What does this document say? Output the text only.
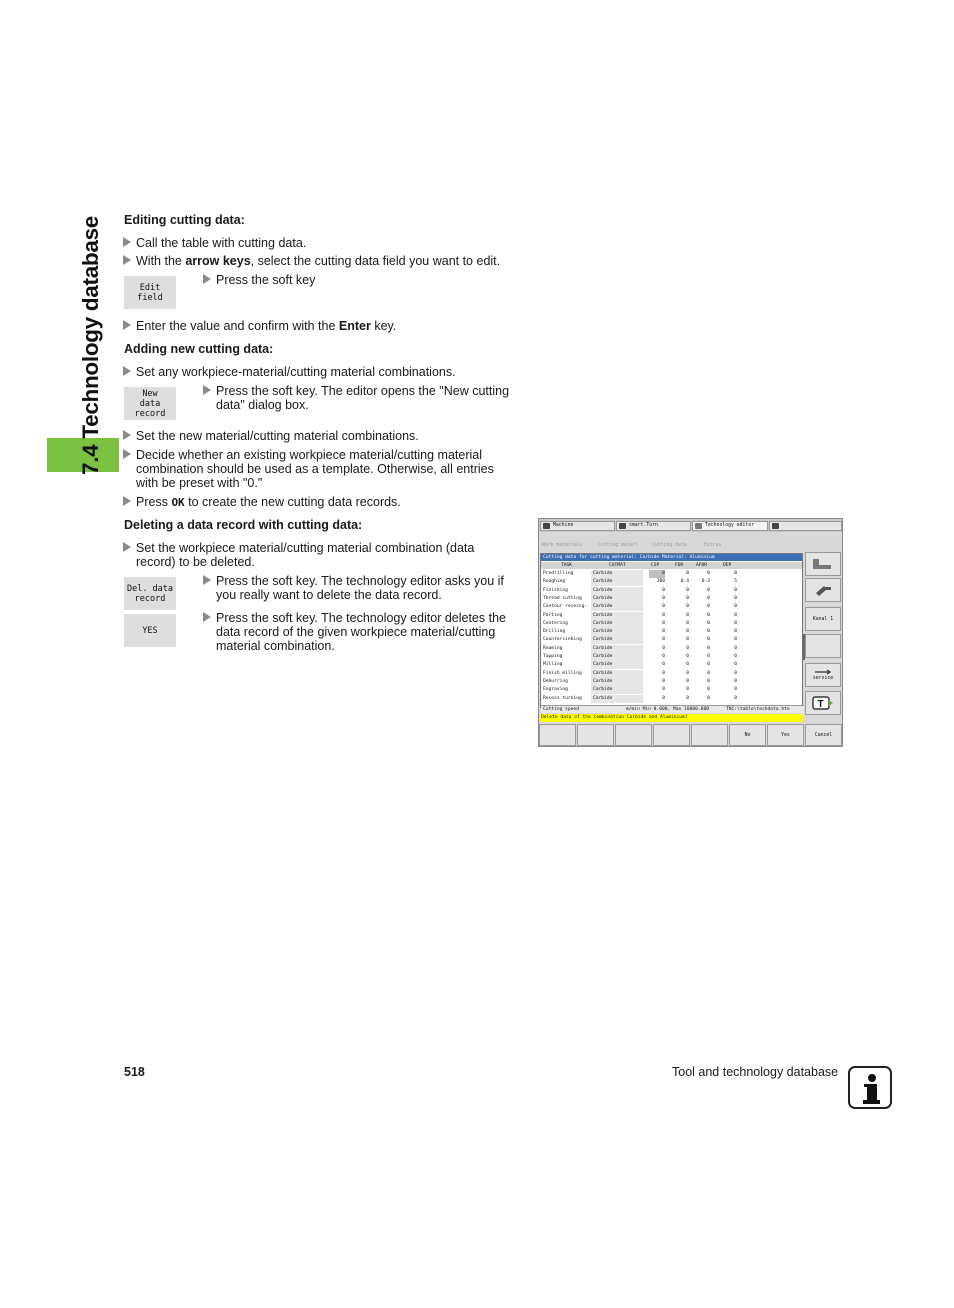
7.4 Technology database Editing cutting data:
Call the table with cutting data.
With the arrow keys, select the cutting data field you want to edit.
Edit
field
Press the soft key
Enter the value and confirm with the Enter key.
Adding new cutting data:
Set any workpiece-material/cutting material combinations.
New
data record
Press the soft key. The editor opens the "New cutting
data" dialog box.
Set the new material/cutting material combinations.
Decide whether an existing workpiece material/cutting material
combination should be used as a template. Otherwise, all entries
with be preset with "0."
Press OK to create the new cutting data records.
Deleting a data record with cutting data:
Set the workpiece material/cutting material combination (data
record) to be deleted.
Del. data
record
Press the soft key. The technology editor asks you if
you really want to delete the data record.
YES
Press the soft key. The technology editor deletes the
data record of the given workpiece material/cutting
material combination.
Machine	smart.Turn	Technology editor
Work materials	Cutting materl	Cutting data	Extras
Cutting data for cutting material: Carbide Material: Aluminium
TASK	CUTMAT	CSP	FDR	AFDR	DEP
Predrilling	Carbide	0	0	0	0
Roughing	Carbide	300	0.4	0.3	5
Finishing	Carbide	0	0	0	0
Thread cutting Carbide	0	0	0	0
Contour recessg. Carbide	0	0	0	0
Parting	Carbide	0	0	0	0
Centering	Carbide	0	0	0	0
Drilling	Carbide	0	0	0	0
Countersinking Carbide	0	0	0	0
Reaming	Carbide	0	0	0	0
Tapping	Carbide	0	0	0	0
Milling	Carbide	0	0	0	0
Finish milling Carbide	0	0	0	0
Deburring	Carbide	0	0	0	0
Engraving	Carbide	0	0	0	0
Recess turning Carbide	0	0	0	0
Cutting speed	m/min Min 0.000, Max 10000.000	TNC:\table\techdata.hte
Delete data of the combination Carbide and Aluminium?
Kanal 1
service
T
No	Yes	Cancel
518	Tool and technology database
